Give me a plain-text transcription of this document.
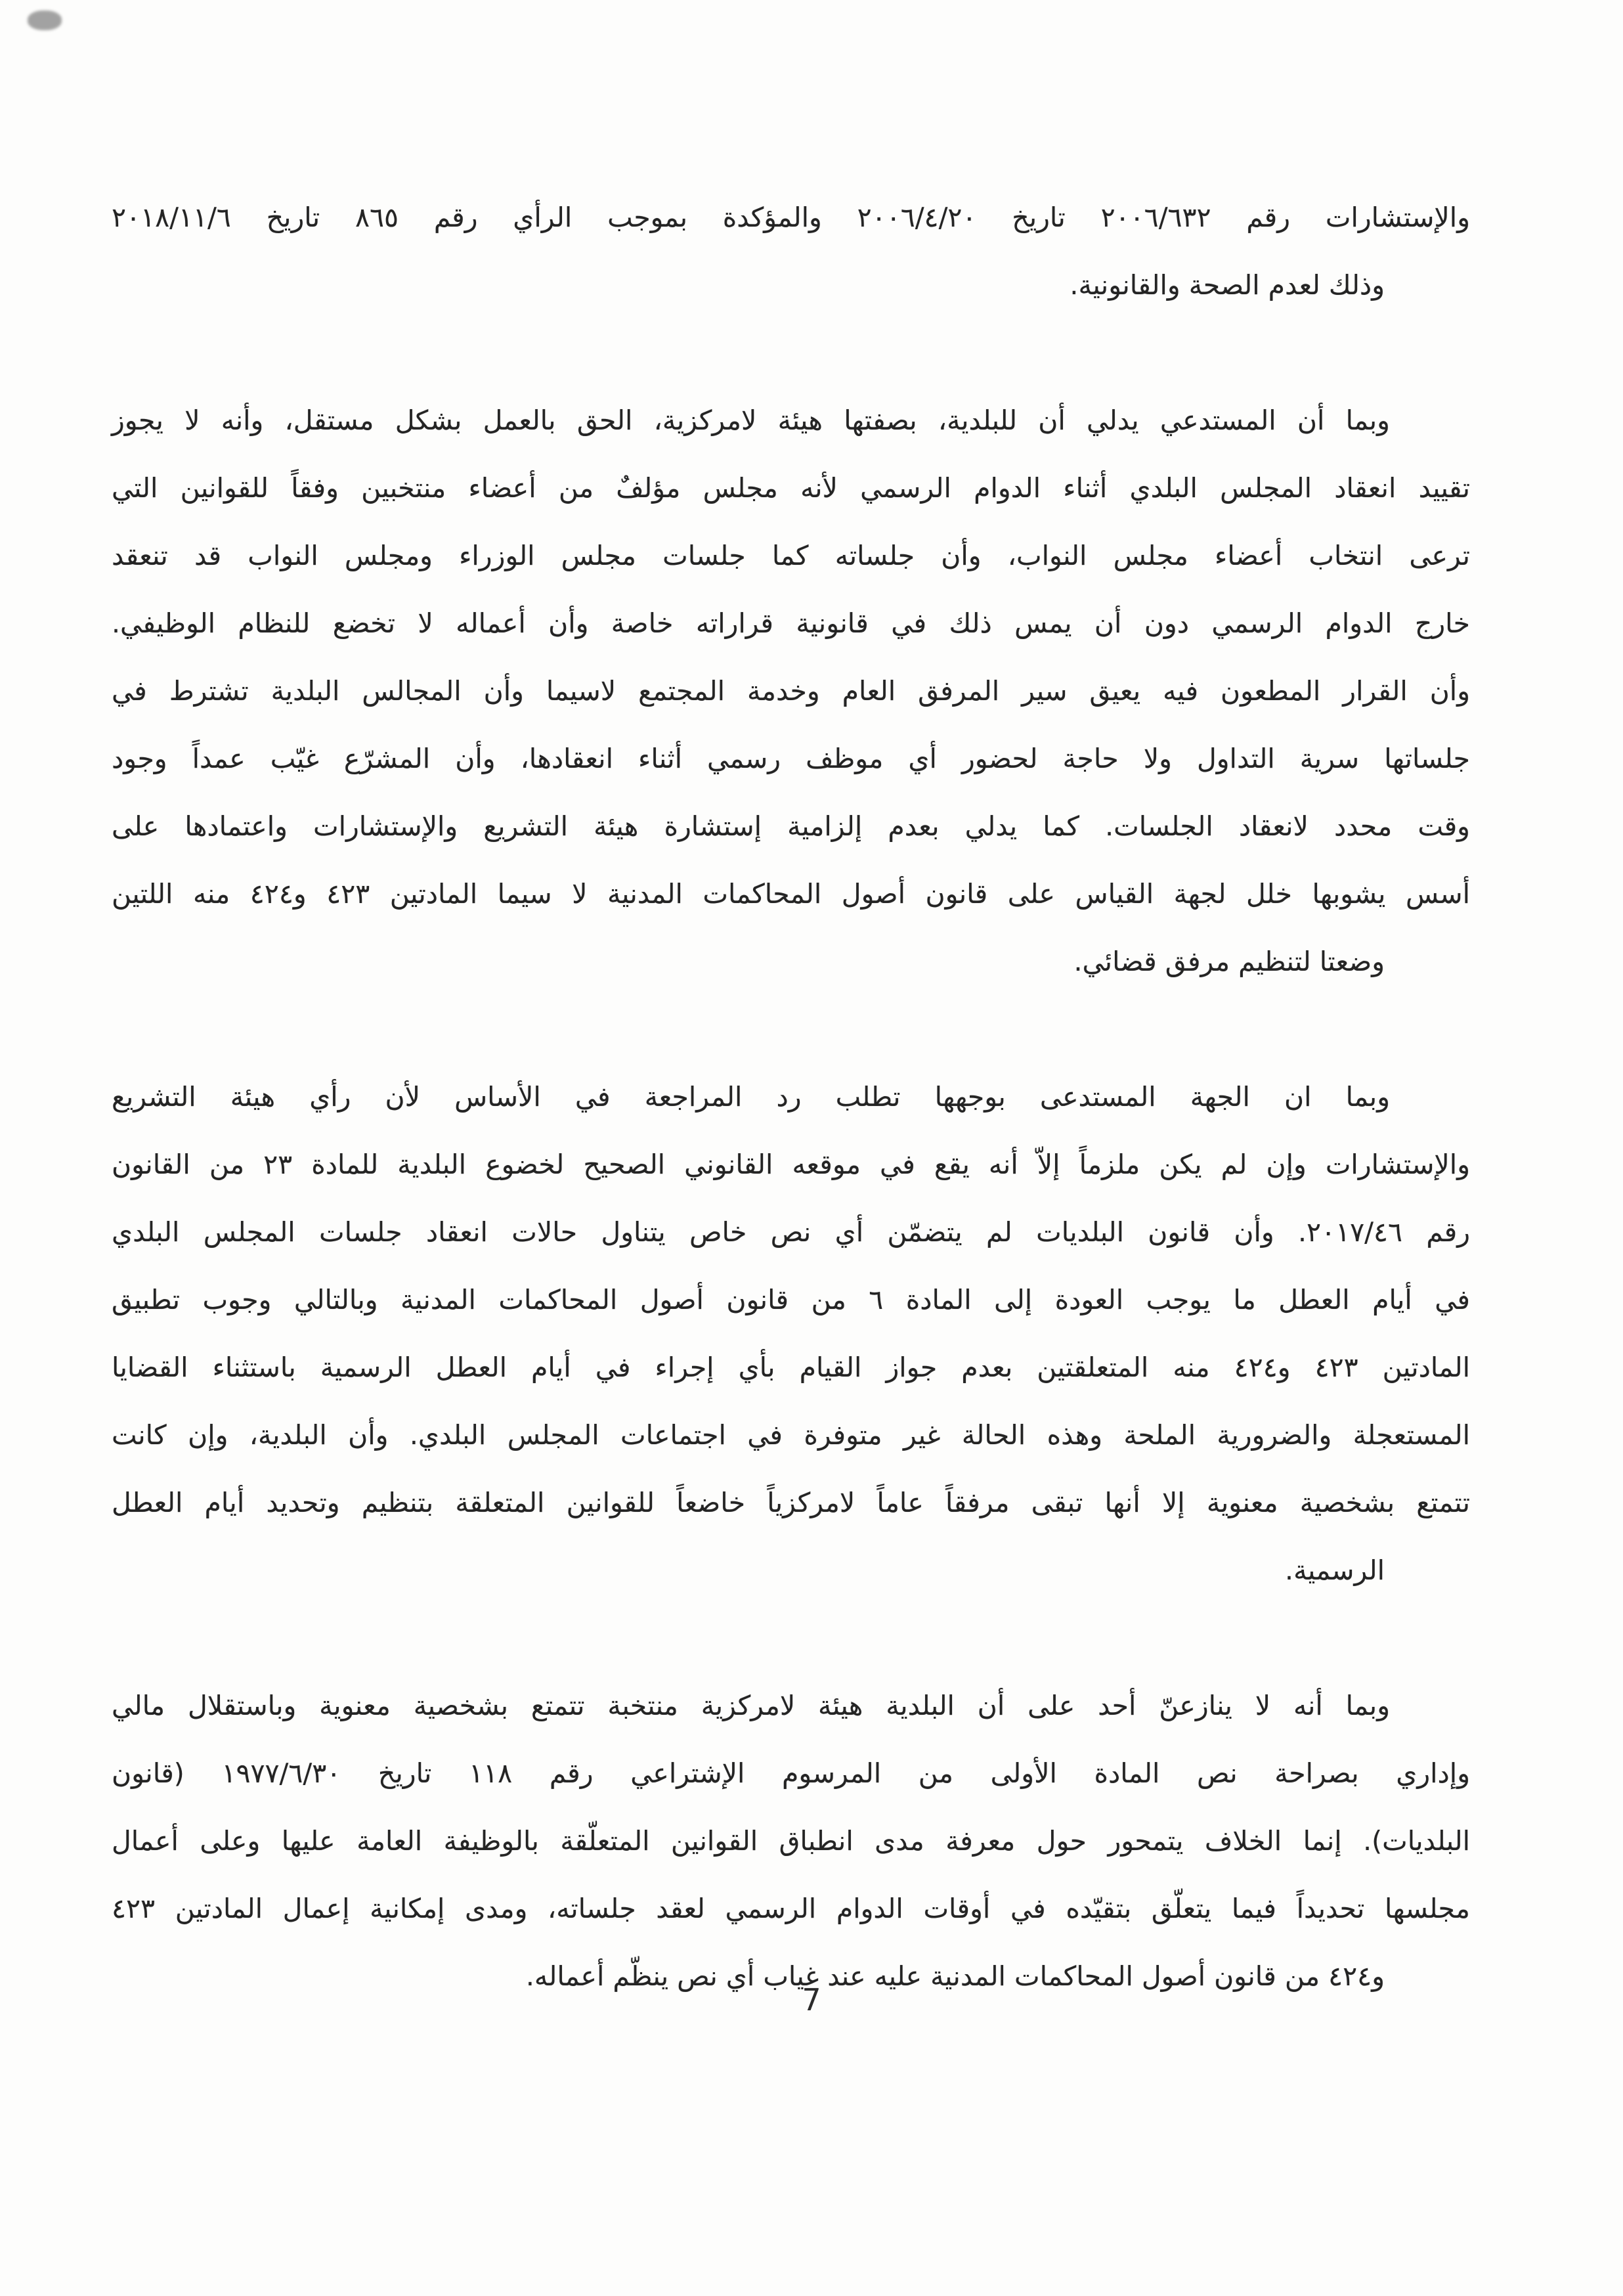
والإستشارات رقم ٢٠٠٦/٦٣٢ تاريخ ٢٠٠٦/٤/٢٠ والمؤكدة بموجب الرأي رقم ٨٦٥ تاريخ ٢٠١٨/١١/٦
وذلك لعدم الصحة والقانونية.
وبما أن المستدعي يدلي أن للبلدية، بصفتها هيئة لامركزية، الحق بالعمل بشكل مستقل، وأنه لا يجوز
تقييد انعقاد المجلس البلدي أثناء الدوام الرسمي لأنه مجلس مؤلفٌ من أعضاء منتخبين وفقاً للقوانين التي
ترعى انتخاب أعضاء مجلس النواب، وأن جلساته كما جلسات مجلس الوزراء ومجلس النواب قد تنعقد
خارج الدوام الرسمي دون أن يمس ذلك في قانونية قراراته خاصة وأن أعماله لا تخضع للنظام الوظيفي.
وأن القرار المطعون فيه يعيق سير المرفق العام وخدمة المجتمع لاسيما وأن المجالس البلدية تشترط في
جلساتها سرية التداول ولا حاجة لحضور أي موظف رسمي أثناء انعقادها، وأن المشرّع غيّب عمداً وجود
وقت محدد لانعقاد الجلسات. كما يدلي بعدم إلزامية إستشارة هيئة التشريع والإستشارات واعتمادها على
أسس يشوبها خلل لجهة القياس على قانون أصول المحاكمات المدنية لا سيما المادتين ٤٢٣ و٤٢٤ منه اللتين
وضعتا لتنظيم مرفق قضائي.
وبما ان الجهة المستدعى بوجهها تطلب رد المراجعة في الأساس لأن رأي هيئة التشريع
والإستشارات وإن لم يكن ملزماً إلاّ أنه يقع في موقعه القانوني الصحيح لخضوع البلدية للمادة ٢٣ من القانون
رقم ٢٠١٧/٤٦. وأن قانون البلديات لم يتضمّن أي نص خاص يتناول حالات انعقاد جلسات المجلس البلدي
في أيام العطل ما يوجب العودة إلى المادة ٦ من قانون أصول المحاكمات المدنية وبالتالي وجوب تطبيق
المادتين ٤٢٣ و٤٢٤ منه المتعلقتين بعدم جواز القيام بأي إجراء في أيام العطل الرسمية باستثناء القضايا
المستعجلة والضرورية الملحة وهذه الحالة غير متوفرة في اجتماعات المجلس البلدي. وأن البلدية، وإن كانت
تتمتع بشخصية معنوية إلا أنها تبقى مرفقاً عاماً لامركزياً خاضعاً للقوانين المتعلقة بتنظيم وتحديد أيام العطل
الرسمية.
وبما أنه لا ينازعنّ أحد على أن البلدية هيئة لامركزية منتخبة تتمتع بشخصية معنوية وباستقلال مالي
وإداري بصراحة نص المادة الأولى من المرسوم الإشتراعي رقم ١١٨ تاريخ ١٩٧٧/٦/٣٠ (قانون
البلديات). إنما الخلاف يتمحور حول معرفة مدى انطباق القوانين المتعلّقة بالوظيفة العامة عليها وعلى أعمال
مجلسها تحديداً فيما يتعلّق بتقيّده في أوقات الدوام الرسمي لعقد جلساته، ومدى إمكانية إعمال المادتين ٤٢٣
و٤٢٤ من قانون أصول المحاكمات المدنية عليه عند غياب أي نص ينظّم أعماله.
7
